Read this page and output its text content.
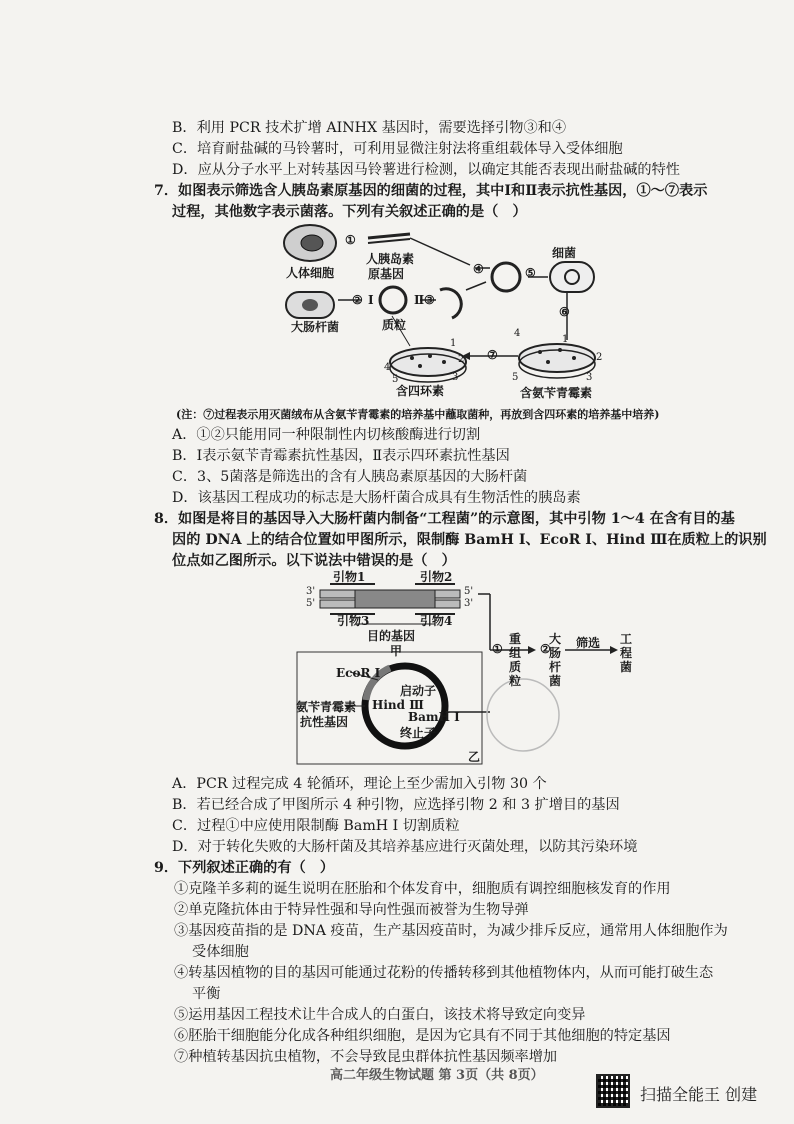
B．利用 PCR 技术扩增 AINHX 基因时，需要选择引物③和④
C．培育耐盐碱的马铃薯时，可利用显微注射法将重组载体导入受体细胞
D．应从分子水平上对转基因马铃薯进行检测，以确定其能否表现出耐盐碱的特性
7．如图表示筛选含人胰岛素原基因的细菌的过程，其中Ⅰ和Ⅱ表示抗性基因，①～⑦表示
过程，其他数字表示菌落。下列有关叙述正确的是（　）
①
人胰岛素
原基因
人体细胞	④	⑤
细菌
② Ⅰ	Ⅱ ③
大肠杆菌	质粒
⑥
⑦
1
2
3
4
5
1
2
3
4
5
含四环素	含氨苄青霉素
(注：⑦过程表示用灭菌绒布从含氨苄青霉素的培养基中蘸取菌种，再放到含四环素的培养基中培养)
A．①②只能用同一种限制性内切核酸酶进行切割
B．Ⅰ表示氨苄青霉素抗性基因，Ⅱ表示四环素抗性基因
C．3、5菌落是筛选出的含有人胰岛素原基因的大肠杆菌
D．该基因工程成功的标志是大肠杆菌合成具有生物活性的胰岛素
8．如图是将目的基因导入大肠杆菌内制备“工程菌”的示意图，其中引物 1～4 在含有目的基
因的 DNA 上的结合位置如甲图所示，限制酶 BamH Ⅰ、EcoR Ⅰ、Hind Ⅲ在质粒上的识别
位点如乙图所示。以下说法中错误的是（　）
引物1	引物2
引物3	引物4
3'
5'
5'
3'
目的基因
甲
EcoR Ⅰ
启动子
Hind Ⅲ
BamH Ⅰ
终止子
氨苄青霉素
抗性基因
乙
①	②
重
组
质
粒
大
肠
杆
菌
筛选 工
程
菌
A．PCR 过程完成 4 轮循环，理论上至少需加入引物 30 个
B．若已经合成了甲图所示 4 种引物，应选择引物 2 和 3 扩增目的基因
C．过程①中应使用限制酶 BamH Ⅰ 切割质粒
D．对于转化失败的大肠杆菌及其培养基应进行灭菌处理，以防其污染环境
9．下列叙述正确的有（　）
①克隆羊多莉的诞生说明在胚胎和个体发育中，细胞质有调控细胞核发育的作用
②单克隆抗体由于特异性强和导向性强而被誉为生物导弹
③基因疫苗指的是 DNA 疫苗，生产基因疫苗时，为减少排斥反应，通常用人体细胞作为
受体细胞
④转基因植物的目的基因可能通过花粉的传播转移到其他植物体内，从而可能打破生态
平衡
⑤运用基因工程技术让牛合成人的白蛋白，该技术将导致定向变异
⑥胚胎干细胞能分化成各种组织细胞，是因为它具有不同于其他细胞的特定基因
⑦种植转基因抗虫植物，不会导致昆虫群体抗性基因频率增加
高二年级生物试题 第 3页（共 8页）
扫描全能王 创建
